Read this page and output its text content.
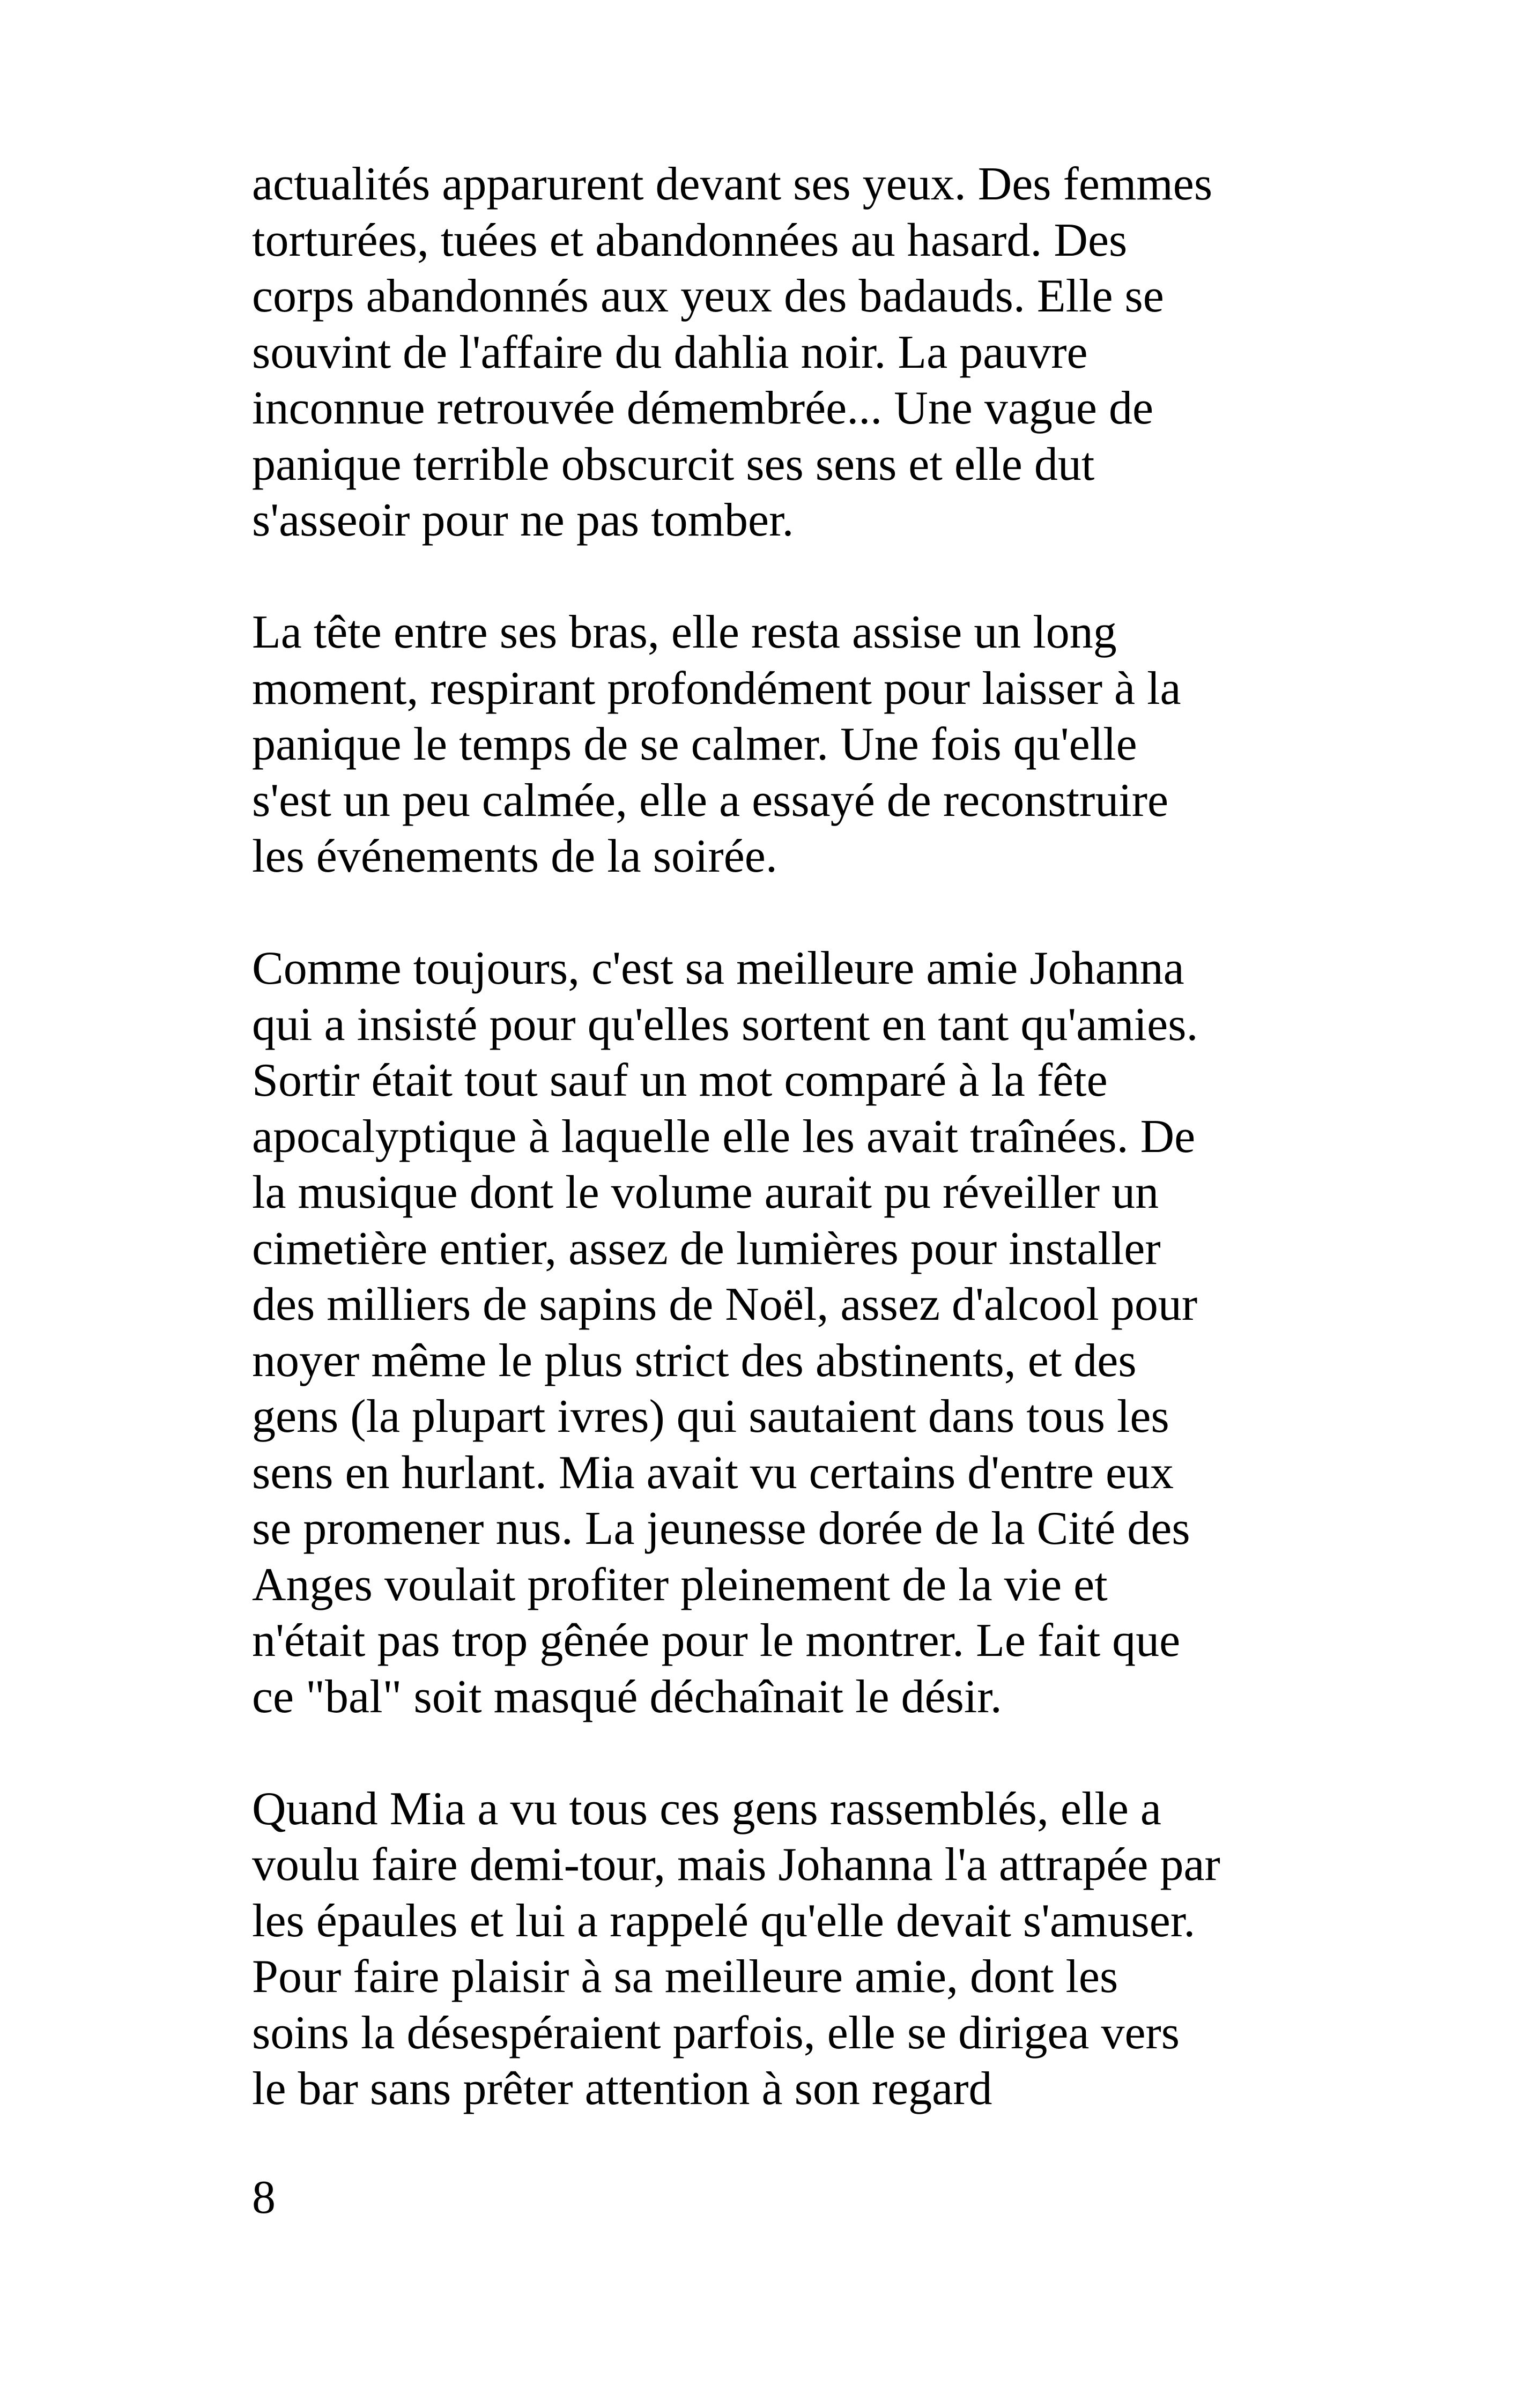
actualités apparurent devant ses yeux. Des femmes
torturées, tuées et abandonnées au hasard. Des
corps abandonnés aux yeux des badauds. Elle se
souvint de l'affaire du dahlia noir. La pauvre
inconnue retrouvée démembrée... Une vague de
panique terrible obscurcit ses sens et elle dut
s'asseoir pour ne pas tomber.
La tête entre ses bras, elle resta assise un long
moment, respirant profondément pour laisser à la
panique le temps de se calmer. Une fois qu'elle
s'est un peu calmée, elle a essayé de reconstruire
les événements de la soirée.
Comme toujours, c'est sa meilleure amie Johanna
qui a insisté pour qu'elles sortent en tant qu'amies.
Sortir était tout sauf un mot comparé à la fête
apocalyptique à laquelle elle les avait traînées. De
la musique dont le volume aurait pu réveiller un
cimetière entier, assez de lumières pour installer
des milliers de sapins de Noël, assez d'alcool pour
noyer même le plus strict des abstinents, et des
gens (la plupart ivres) qui sautaient dans tous les
sens en hurlant. Mia avait vu certains d'entre eux
se promener nus. La jeunesse dorée de la Cité des
Anges voulait profiter pleinement de la vie et
n'était pas trop gênée pour le montrer. Le fait que
ce "bal" soit masqué déchaînait le désir.
Quand Mia a vu tous ces gens rassemblés, elle a
voulu faire demi-tour, mais Johanna l'a attrapée par
les épaules et lui a rappelé qu'elle devait s'amuser.
Pour faire plaisir à sa meilleure amie, dont les
soins la désespéraient parfois, elle se dirigea vers
le bar sans prêter attention à son regard
8
